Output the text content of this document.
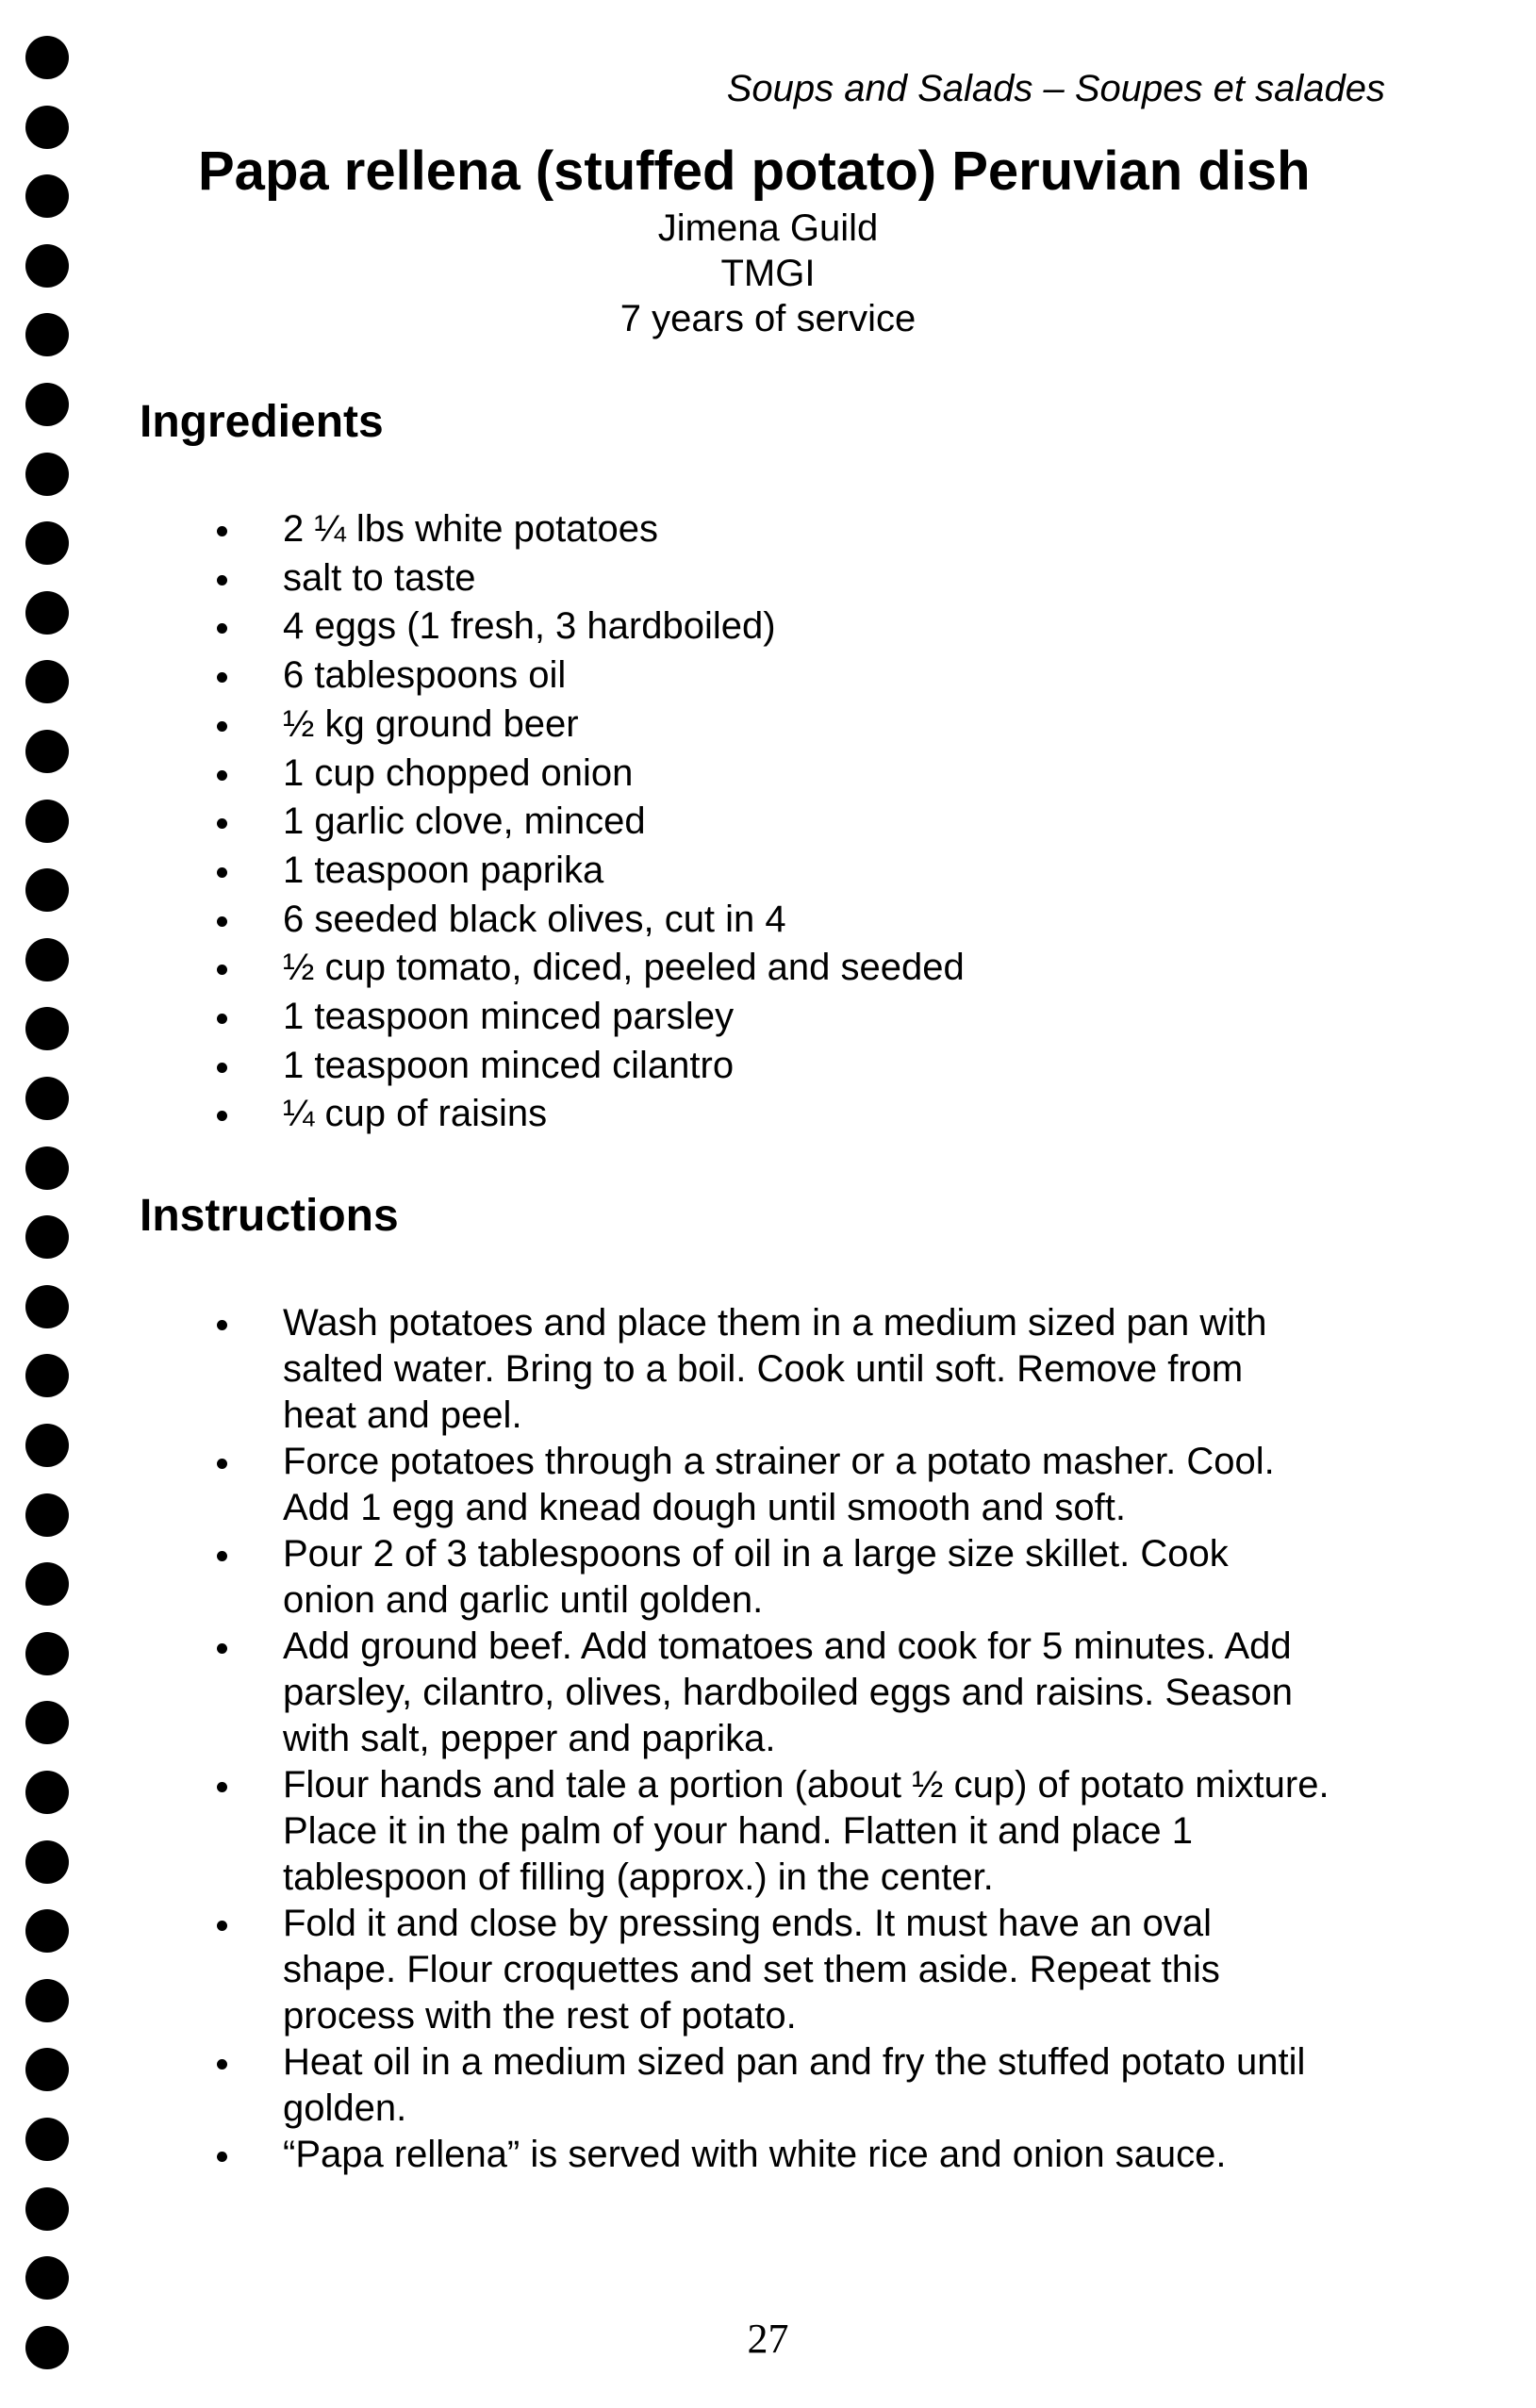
Soups and Salads – Soupes et salades
Papa rellena (stuffed potato) Peruvian dish
Jimena Guild
TMGI
7 years of service
Ingredients
2 ¼ lbs white potatoes
salt to taste
4 eggs (1 fresh, 3 hardboiled)
6 tablespoons oil
½ kg ground beer
1 cup chopped onion
1 garlic clove, minced
1 teaspoon paprika
6 seeded black olives, cut in 4
½ cup tomato, diced, peeled and seeded
1 teaspoon minced parsley
1 teaspoon minced cilantro
¼ cup of raisins
Instructions
Wash potatoes and place them in a medium sized pan with
salted water. Bring to a boil. Cook until soft. Remove from
heat and peel.
Force potatoes through a strainer or a potato masher. Cool.
Add 1 egg and knead dough until smooth and soft.
Pour 2 of 3 tablespoons of oil in a large size skillet. Cook
onion and garlic until golden.
Add ground beef. Add tomatoes and cook for 5 minutes. Add
parsley, cilantro, olives, hardboiled eggs and raisins. Season
with salt, pepper and paprika.
Flour hands and tale a portion (about ½ cup) of potato mixture.
Place it in the palm of your hand. Flatten it and place 1
tablespoon of filling (approx.) in the center.
Fold it and close by pressing ends. It must have an oval
shape. Flour croquettes and set them aside. Repeat this
process with the rest of potato.
Heat oil in a medium sized pan and fry the stuffed potato until
golden.
“Papa rellena” is served with white rice and onion sauce.
27
